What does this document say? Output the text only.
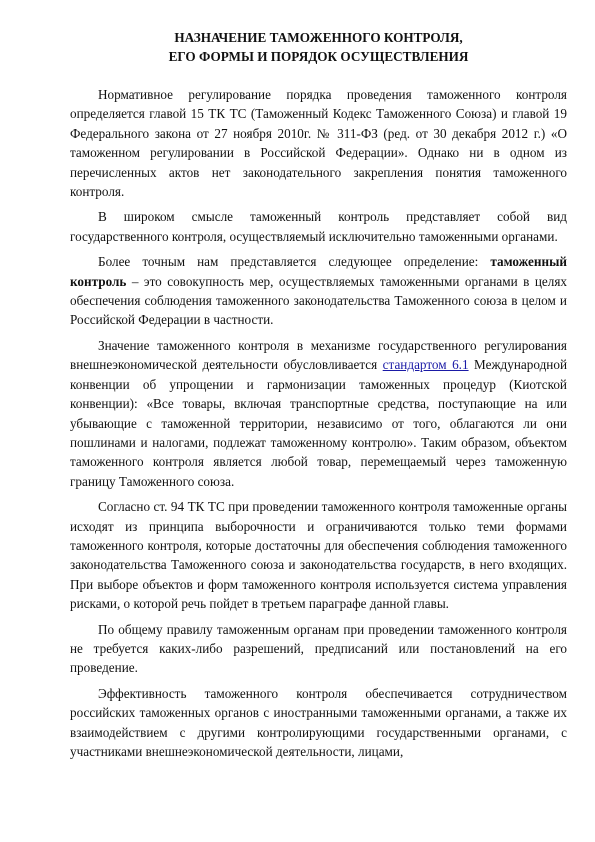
НАЗНАЧЕНИЕ ТАМОЖЕННОГО КОНТРОЛЯ,
ЕГО ФОРМЫ И ПОРЯДОК ОСУЩЕСТВЛЕНИЯ

Нормативное регулирование порядка проведения таможенного контроля определяется главой 15 ТК ТС (Таможенный Кодекс Таможенного Союза) и главой 19 Федерального закона от 27 ноября 2010г. № 311-ФЗ (ред. от 30 декабря 2012 г.) «О таможенном регулировании в Российской Федерации». Однако ни в одном из перечисленных актов нет законодательного закрепления понятия таможенного контроля.

В широком смысле таможенный контроль представляет собой вид государственного контроля, осуществляемый исключительно таможенными органами.

Более точным нам представляется следующее определение: таможенный контроль – это совокупность мер, осуществляемых таможенными органами в целях обеспечения соблюдения таможенного законодательства Таможенного союза в целом и Российской Федерации в частности.

Значение таможенного контроля в механизме государственного регулирования внешнеэкономической деятельности обусловливается стандартом 6.1 Международной конвенции об упрощении и гармонизации таможенных процедур (Киотской конвенции): «Все товары, включая транспортные средства, поступающие на или убывающие с таможенной территории, независимо от того, облагаются ли они пошлинами и налогами, подлежат таможенному контролю». Таким образом, объектом таможенного контроля является любой товар, перемещаемый через таможенную границу Таможенного союза.

Согласно ст. 94 ТК ТС при проведении таможенного контроля таможенные органы исходят из принципа выборочности и ограничиваются только теми формами таможенного контроля, которые достаточны для обеспечения соблюдения таможенного законодательства Таможенного союза и законодательства государств, в него входящих. При выборе объектов и форм таможенного контроля используется система управления рисками, о которой речь пойдет в третьем параграфе данной главы.

По общему правилу таможенным органам при проведении таможенного контроля не требуется каких-либо разрешений, предписаний или постановлений на его проведение.

Эффективность таможенного контроля обеспечивается сотрудничеством российских таможенных органов с иностранными таможенными органами, а также их взаимодействием с другими контролирующими государственными органами, с участниками внешнеэкономической деятельности, лицами,
